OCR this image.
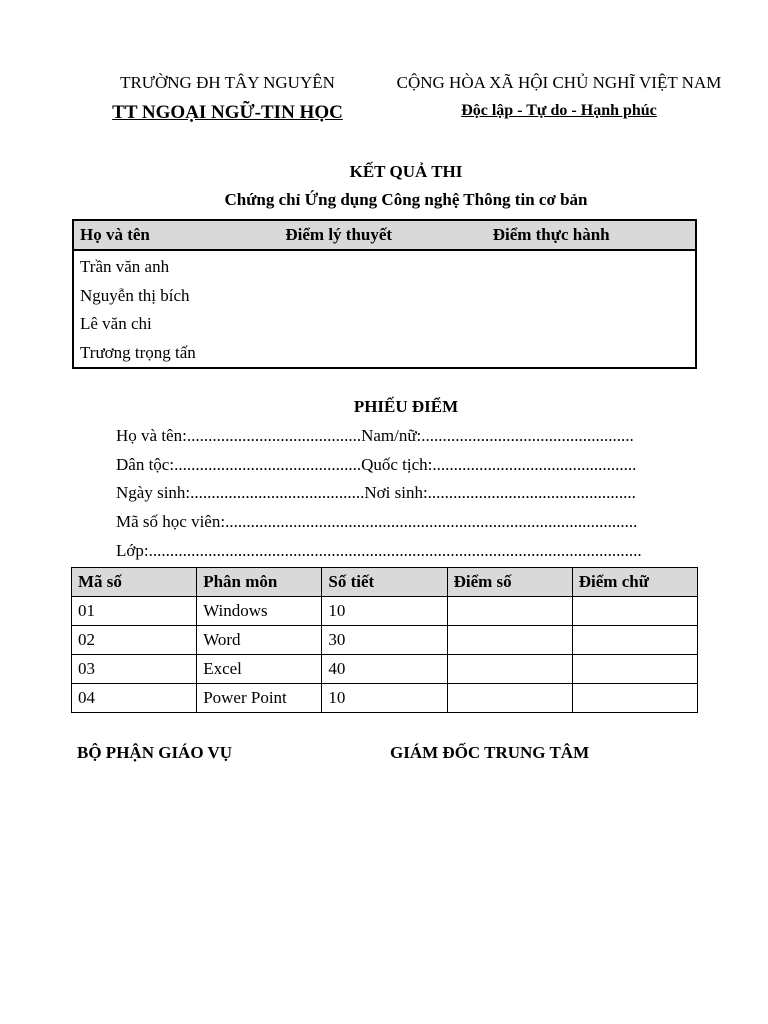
TRƯỜNG ĐH TÂY NGUYÊN
TT NGOẠI NGỮ-TIN HỌC
CỘNG HÒA XÃ HỘI CHỦ NGHĨ VIỆT NAM
Độc lập - Tự do - Hạnh phúc
KẾT QUẢ THI
Chứng chỉ Ứng dụng Công nghệ Thông tin cơ bản
Họ và tên	Điểm lý thuyết	Điểm thực hành
Trần văn anh		
Nguyễn thị bích		
Lê văn chi		
Trương trọng tấn		
PHIẾU ĐIỂM
Họ và tên:.........................................Nam/nữ:..................................................
Dân tộc:............................................Quốc tịch:................................................
Ngày sinh:.........................................Nơi sinh:.................................................
Mã số học viên:.................................................................................................
Lớp:....................................................................................................................
Mã số	Phân môn	Số tiết	Điểm số	Điểm chữ
01	Windows	10		
02	Word	30		
03	Excel	40		
04	Power Point	10		
BỘ PHẬN GIÁO VỤ	GIÁM ĐỐC TRUNG TÂM
